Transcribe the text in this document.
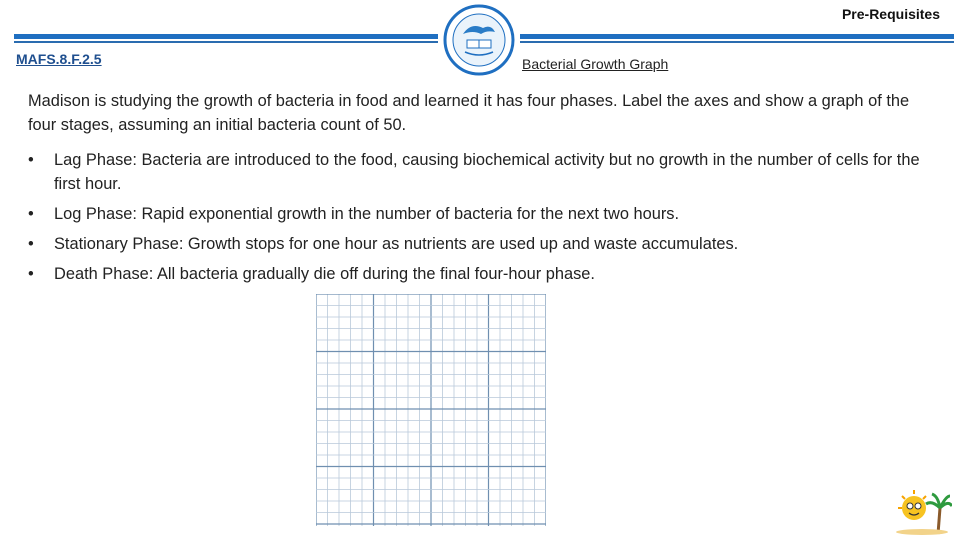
Pre-Requisites
MAFS.8.F.2.5	Bacterial Growth Graph
Madison is studying the growth of bacteria in food and learned it has four phases. Label the axes and show a graph of the four stages, assuming an initial bacteria count of 50.
• Lag Phase: Bacteria are introduced to the food, causing biochemical activity but no growth in the number of cells for the first hour.
• Log Phase: Rapid exponential growth in the number of bacteria for the next two hours.
• Stationary Phase: Growth stops for one hour as nutrients are used up and waste accumulates.
• Death Phase: All bacteria gradually die off during the final four-hour phase.
